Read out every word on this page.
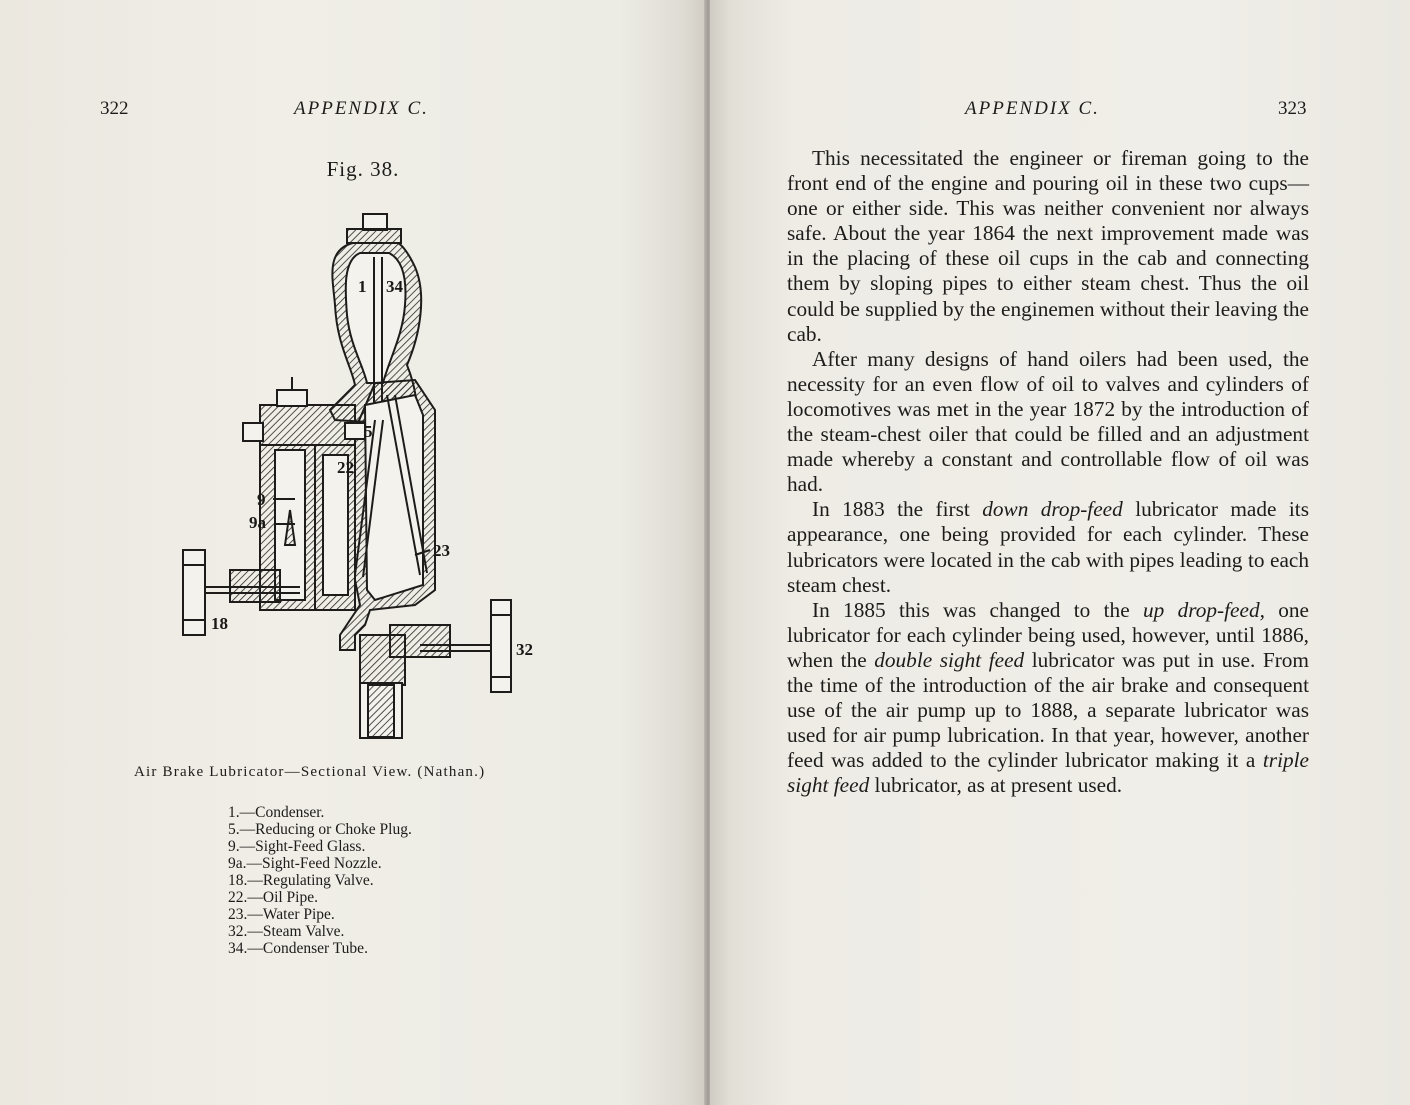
322	APPENDIX C.
Fig. 38.
1 34
5
22
9
9a
23
18
32
Air Brake Lubricator—Sectional View. (Nathan.)
1.—Condenser.
5.—Reducing or Choke Plug.
9.—Sight-Feed Glass.
9a.—Sight-Feed Nozzle.
18.—Regulating Valve.
22.—Oil Pipe.
23.—Water Pipe.
32.—Steam Valve.
34.—Condenser Tube.
APPENDIX C.	323

This necessitated the engineer or fireman going to the front end of the engine and pouring oil in these two cups—one or either side. This was neither convenient nor always safe. About the year 1864 the next improvement made was in the placing of these oil cups in the cab and connecting them by sloping pipes to either steam chest. Thus the oil could be supplied by the enginemen without their leaving the cab.

After many designs of hand oilers had been used, the necessity for an even flow of oil to valves and cylinders of locomotives was met in the year 1872 by the introduction of the steam-chest oiler that could be filled and an adjustment made whereby a constant and controllable flow of oil was had.

In 1883 the first down drop-feed lubricator made its appearance, one being provided for each cylinder. These lubricators were located in the cab with pipes leading to each steam chest.

In 1885 this was changed to the up drop-feed, one lubricator for each cylinder being used, however, until 1886, when the double sight feed lubricator was put in use. From the time of the introduction of the air brake and consequent use of the air pump up to 1888, a separate lubricator was used for air pump lubrication. In that year, however, another feed was added to the cylinder lubricator making it a triple sight feed lubricator, as at present used.
